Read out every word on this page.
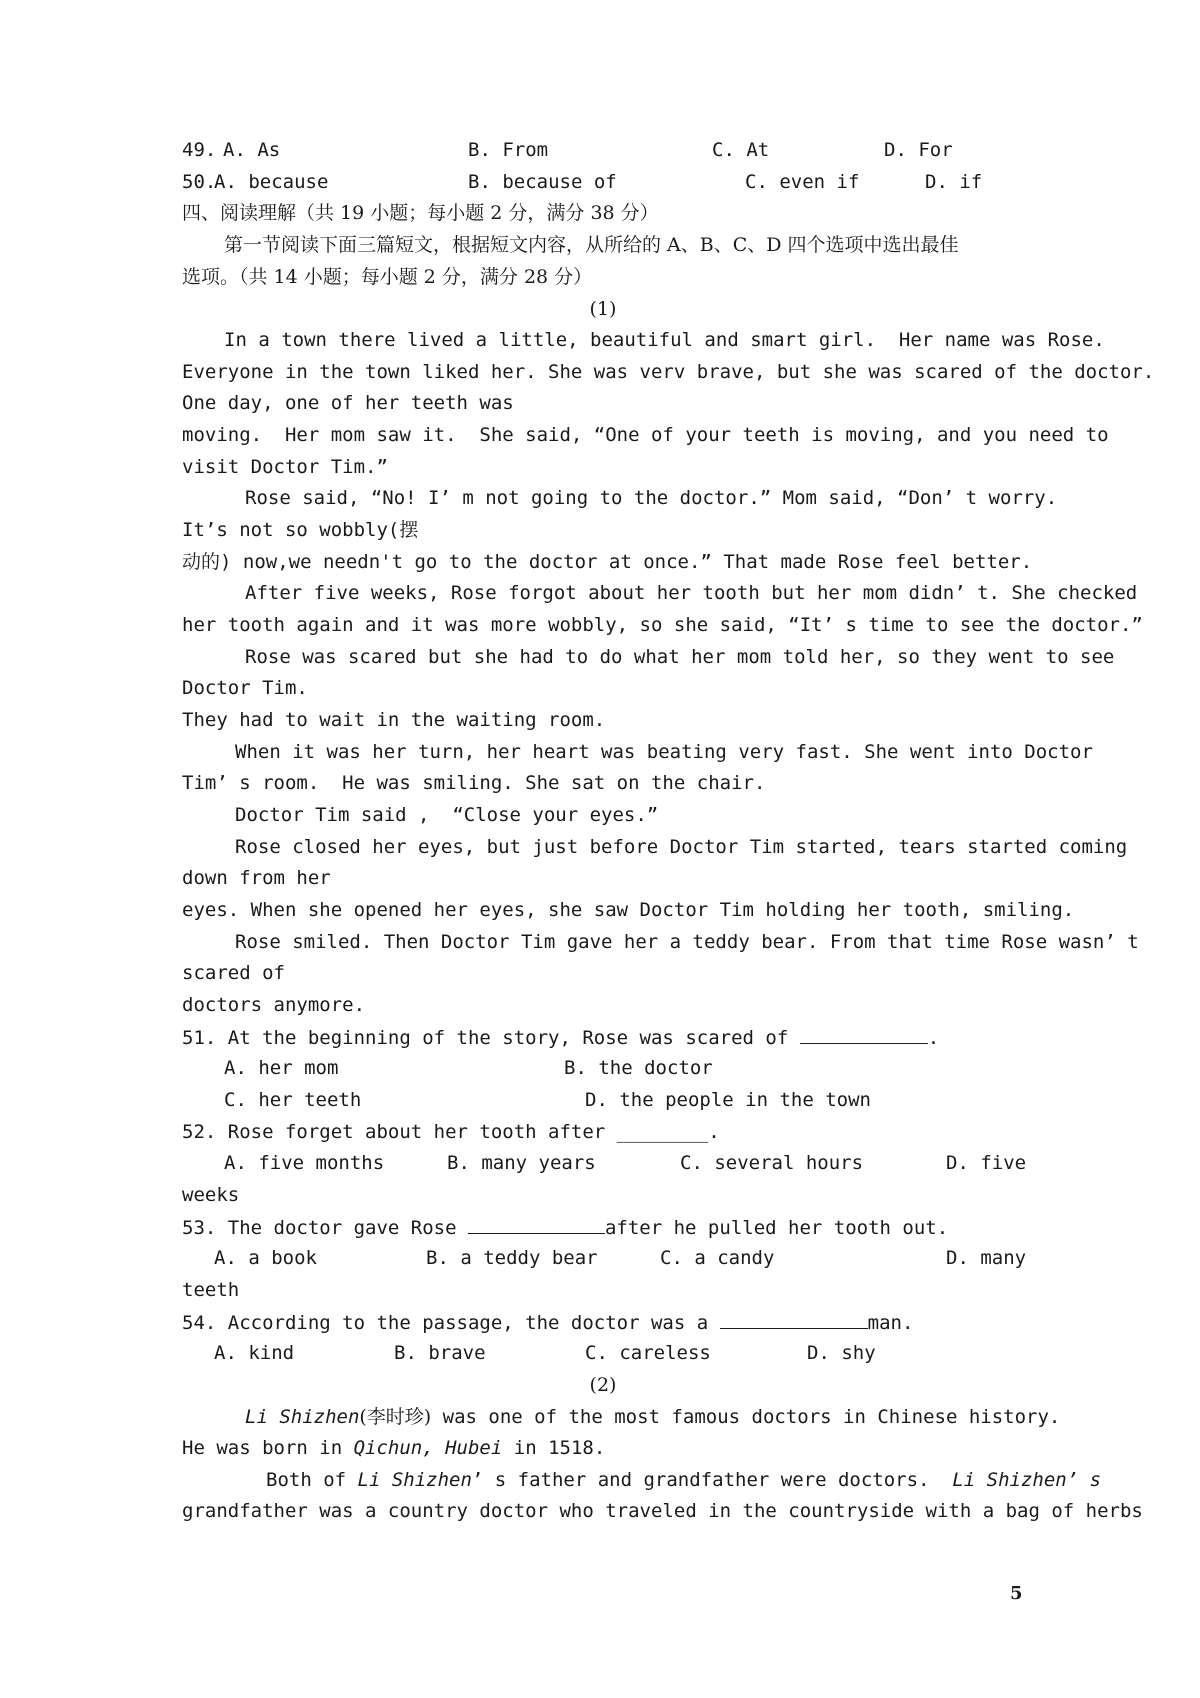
49. A. As	B. From	C. At	D. For
50.
A. because	B. because of	C. even if	D. if
四、阅读理解（共 19 小题；每小题 2 分，满分 38 分）
第一节阅读下面三篇短文，根据短文内容，从所给的 A、B、C、D 四个选项中选出最佳
选项。（共 14 小题；每小题 2 分，满分 28 分）
(1)
In a town there lived a little, beautiful and smart girl.  Her name was Rose.
Everyone in the town liked her. She was verv brave, but she was scared of the doctor.
One day, one of her teeth was
moving.  Her mom saw it.  She said, “One of your teeth is moving, and you need to
visit Doctor Tim.”
Rose said, “No! I’ m not going to the doctor.” Mom said, “Don’ t worry.
It’s not so wobbly(摆
动的) now,we needn't go to the doctor at once.” That made Rose feel better.
After five weeks, Rose forgot about her tooth but her mom didn’ t. She checked
her tooth again and it was more wobbly, so she said, “It’ s time to see the doctor.”
Rose was scared but she had to do what her mom told her, so they went to see
Doctor Tim.
They had to wait in the waiting room.
When it was her turn, her heart was beating very fast. She went into Doctor
Tim’ s room.  He was smiling. She sat on the chair.
Doctor Tim said ,  “Close your eyes.”
Rose closed her eyes, but just before Doctor Tim started, tears started coming
down from her
eyes. When she opened her eyes, she saw Doctor Tim holding her tooth, smiling.
Rose smiled. Then Doctor Tim gave her a teddy bear. From that time Rose wasn’ t
scared of
doctors anymore.
51. At the beginning of the story, Rose was scared of	.
A. her mom	B. the doctor
C. her teeth	D. the people in the town
52. Rose forget about her tooth after ________.
A. five months	B. many years	C. several hours	D. five
weeks
53. The doctor gave Rose	after he pulled her tooth out.
A. a book	B. a teddy bear	C. a candy	D. many
teeth
54. According to the passage, the doctor was a	man.
A. kind	B. brave	C. careless	D. shy
(2)
Li Shizhen(李时珍) was one of the most famous doctors in Chinese history.
He was born in Qichun, Hubei in 1518.
Both of Li Shizhen’ s father and grandfather were doctors.  Li Shizhen’ s
grandfather was a country doctor who traveled in the countryside with a bag of herbs
5
